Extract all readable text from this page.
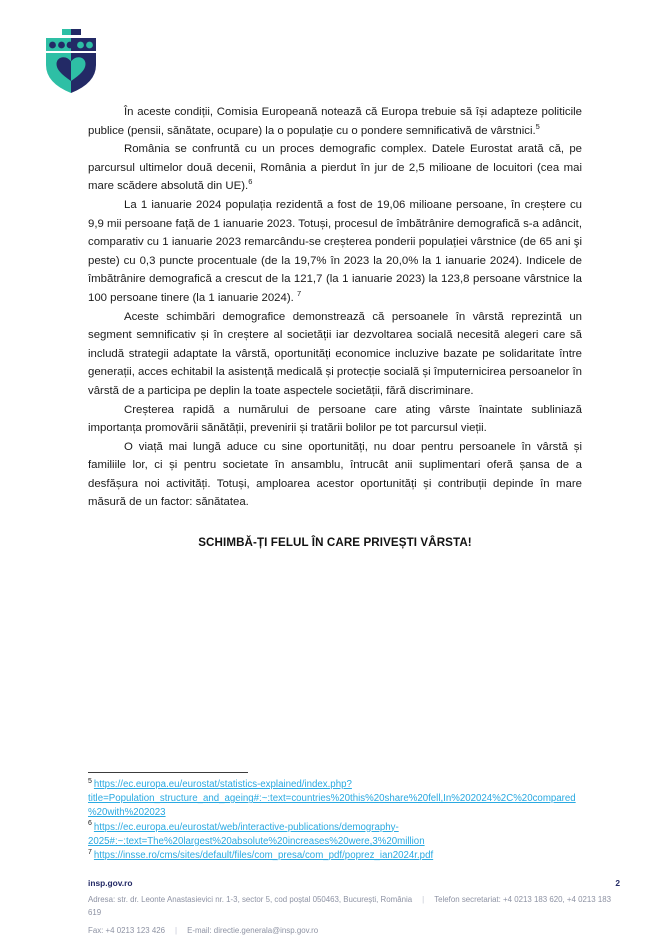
În aceste condiții, Comisia Europeană notează că Europa trebuie să își adapteze politicile publice (pensii, sănătate, ocupare) la o populație cu o pondere semnificativă de vârstnici.$^5$

România se confruntă cu un proces demografic complex. Datele Eurostat arată că, pe parcursul ultimelor două decenii, România a pierdut în jur de 2,5 milioane de locuitori (cea mai mare scădere absolută din UE).$^6$

La 1 ianuarie 2024 populația rezidentă a fost de 19,06 milioane persoane, în creștere cu 9,9 mii persoane față de 1 ianuarie 2023. Totuși, procesul de îmbătrânire demografică s-a adâncit, comparativ cu 1 ianuarie 2023 remarcându-se creșterea ponderii populației vârstnice (de 65 ani şi peste) cu 0,3 puncte procentuale (de la 19,7% în 2023 la 20,0% la 1 ianuarie 2024). Indicele de îmbătrânire demografică a crescut de la 121,7 (la 1 ianuarie 2023) la 123,8 persoane vârstnice la 100 persoane tinere (la 1 ianuarie 2024). $^7$

Aceste schimbări demografice demonstrează că persoanele în vârstă reprezintă un segment semnificativ și în creștere al societății iar dezvoltarea socială necesită alegeri care să includă strategii adaptate la vârstă, oportunități economice incluzive bazate pe solidaritate între generații, acces echitabil la asistență medicală și protecție socială și împuternicirea persoanelor în vârstă de a participa pe deplin la toate aspectele societății, fără discriminare.

Creșterea rapidă a numărului de persoane care ating vârste înaintate subliniază importanța promovării sănătății, prevenirii și tratării bolilor pe tot parcursul vieții.

O viață mai lungă aduce cu sine oportunități, nu doar pentru persoanele în vârstă și familiile lor, ci și pentru societate în ansamblu, întrucât anii suplimentari oferă șansa de a desfășura noi activități. Totuși, amploarea acestor oportunități și contribuții depinde în mare măsură de un factor: sănătatea.

SCHIMBĂ-ȚI FELUL ÎN CARE PRIVEȘTI VÂRSTA!
$^5$ https://ec.europa.eu/eurostat/statistics-explained/index.php?title=Population_structure_and_ageing#:~:text=countries%20this%20share%20fell,In%202024%2C%20compared%20with%202023
$^6$ https://ec.europa.eu/eurostat/web/interactive-publications/demography-2025#:~:text=The%20largest%20absolute%20increases%20were,3%20million
$^7$ https://insse.ro/cms/sites/default/files/com_presa/com_pdf/poprez_ian2024r.pdf
insp.gov.ro	2
Adresa: str. dr. Leonte Anastasievici nr. 1-3, sector 5, cod poștal 050463, București, România | Telefon secretariat: +4 0213 183 620, +4 0213 183 619
Fax: +4 0213 123 426 | E-mail: directie.generala@insp.gov.ro
